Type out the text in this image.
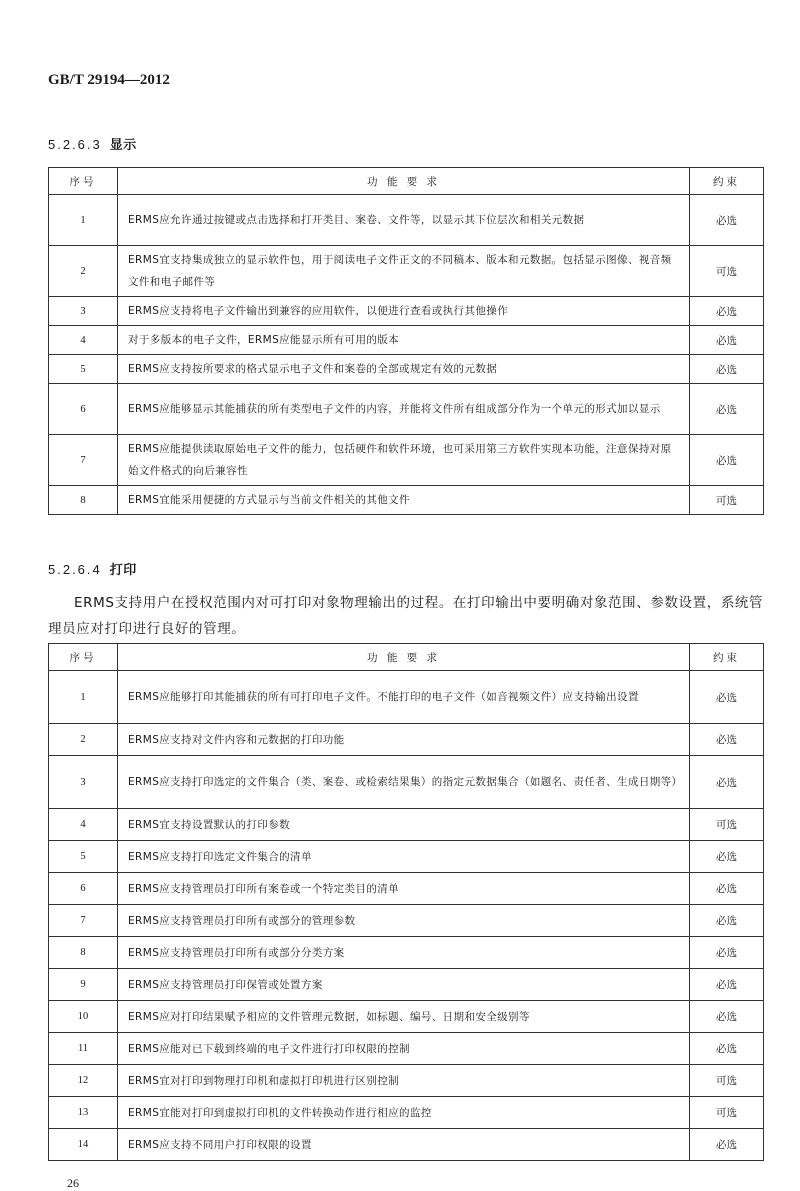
GB/T 29194—2012
5.2.6.3 显示
序号	功 能 要 求	约束
1	ERMS应允许通过按键或点击选择和打开类目、案卷、文件等，以显示其下位层次和相关元数据	必选
2	ERMS宜支持集成独立的显示软件包，用于阅读电子文件正文的不同稿本、版本和元数据。包括显示图像、视音频文件和电子邮件等	可选
3	ERMS应支持将电子文件输出到兼容的应用软件，以便进行查看或执行其他操作	必选
4	对于多版本的电子文件，ERMS应能显示所有可用的版本	必选
5	ERMS应支持按所要求的格式显示电子文件和案卷的全部或规定有效的元数据	必选
6	ERMS应能够显示其能捕获的所有类型电子文件的内容，并能将文件所有组成部分作为一个单元的形式加以显示	必选
7	ERMS应能提供读取原始电子文件的能力，包括硬件和软件环境，也可采用第三方软件实现本功能，注意保持对原始文件格式的向后兼容性	必选
8	ERMS宜能采用便捷的方式显示与当前文件相关的其他文件	可选
5.2.6.4 打印
ERMS支持用户在授权范围内对可打印对象物理输出的过程。在打印输出中要明确对象范围、参数设置，系统管理员应对打印进行良好的管理。
序号	功 能 要 求	约束
1	ERMS应能够打印其能捕获的所有可打印电子文件。不能打印的电子文件（如音视频文件）应支持输出设置	必选
2	ERMS应支持对文件内容和元数据的打印功能	必选
3	ERMS应支持打印选定的文件集合（类、案卷、或检索结果集）的指定元数据集合（如题名、责任者、生成日期等）	必选
4	ERMS宜支持设置默认的打印参数	可选
5	ERMS应支持打印选定文件集合的清单	必选
6	ERMS应支持管理员打印所有案卷或一个特定类目的清单	必选
7	ERMS应支持管理员打印所有或部分的管理参数	必选
8	ERMS应支持管理员打印所有或部分分类方案	必选
9	ERMS应支持管理员打印保管或处置方案	必选
10	ERMS应对打印结果赋予相应的文件管理元数据，如标题、编号、日期和安全级别等	必选
11	ERMS应能对已下载到终端的电子文件进行打印权限的控制	必选
12	ERMS宜对打印到物理打印机和虚拟打印机进行区别控制	可选
13	ERMS宜能对打印到虚拟打印机的文件转换动作进行相应的监控	可选
14	ERMS应支持不同用户打印权限的设置	必选
26
